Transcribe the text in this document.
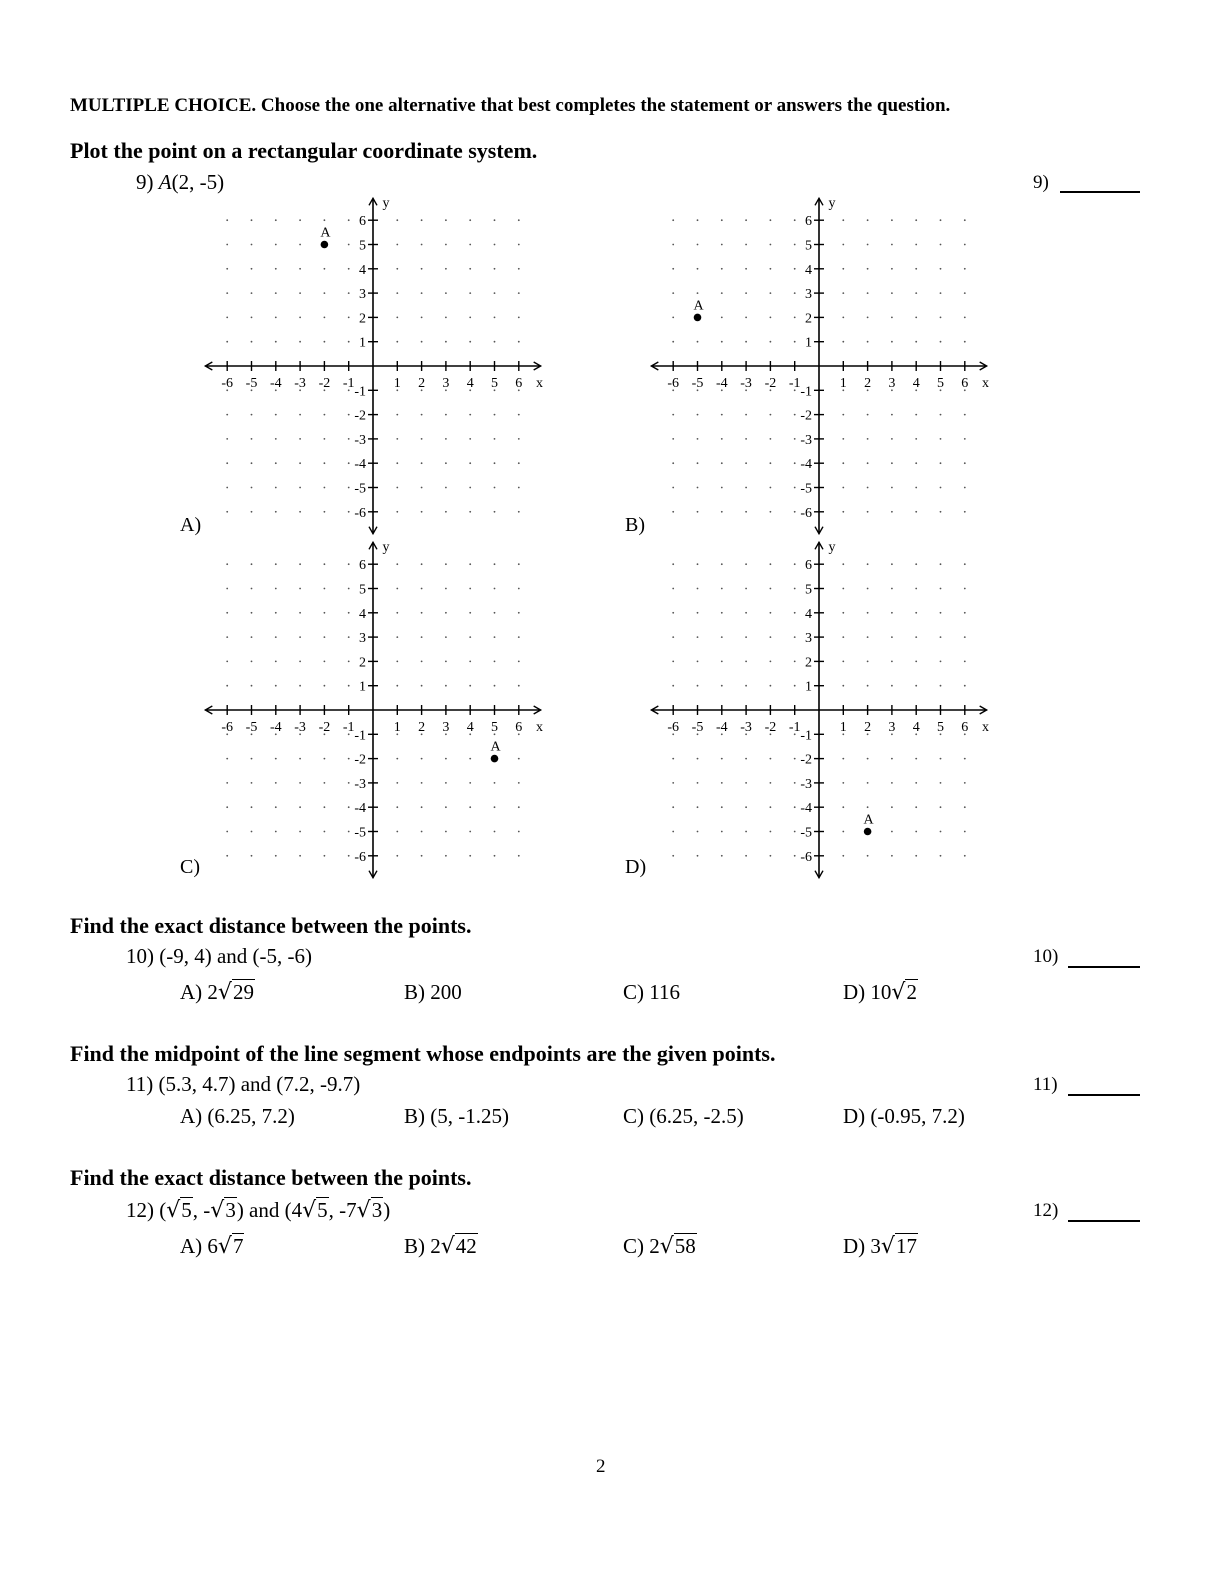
MULTIPLE CHOICE. Choose the one alternative that best completes the statement or answers the question.
Plot the point on a rectangular coordinate system.
9) A(2, -5)	9)
A)	B)
C)	D)
-6 -5 -4 -3 -2 -1	1 2 3 4 5 6
6
5
4
3
2
1
-1
-2
-3
-4
-5
-6
x
y
A
-6 -5 -4 -3 -2 -1	1 2 3 4 5 6
6
5
4
3
2
1
-1
-2
-3
-4
-5
-6
x
y
A
-6 -5 -4 -3 -2 -1	1 2 3 4 5 6
6
5
4
3
2
1
-1
-2
-3
-4
-5
-6
x
y
A
-6 -5 -4 -3 -2 -1	1 2 3 4 5 6
6
5
4
3
2
1
-1
-2
-3
-4
-5
-6
x
y
A
Find the exact distance between the points.
10) (-9, 4) and (-5, -6)	10)
A) 2√29	B) 200	C) 116	D) 10√2
Find the midpoint of the line segment whose endpoints are the given points.
11) (5.3, 4.7) and (7.2, -9.7)	11)
A) (6.25, 7.2)	B) (5, -1.25)	C) (6.25, -2.5)	D) (-0.95, 7.2)
Find the exact distance between the points.
12) (√5, -√3) and (4√5, -7√3)	12)
A) 6√7	B) 2√42	C) 2√58	D) 3√17
2
